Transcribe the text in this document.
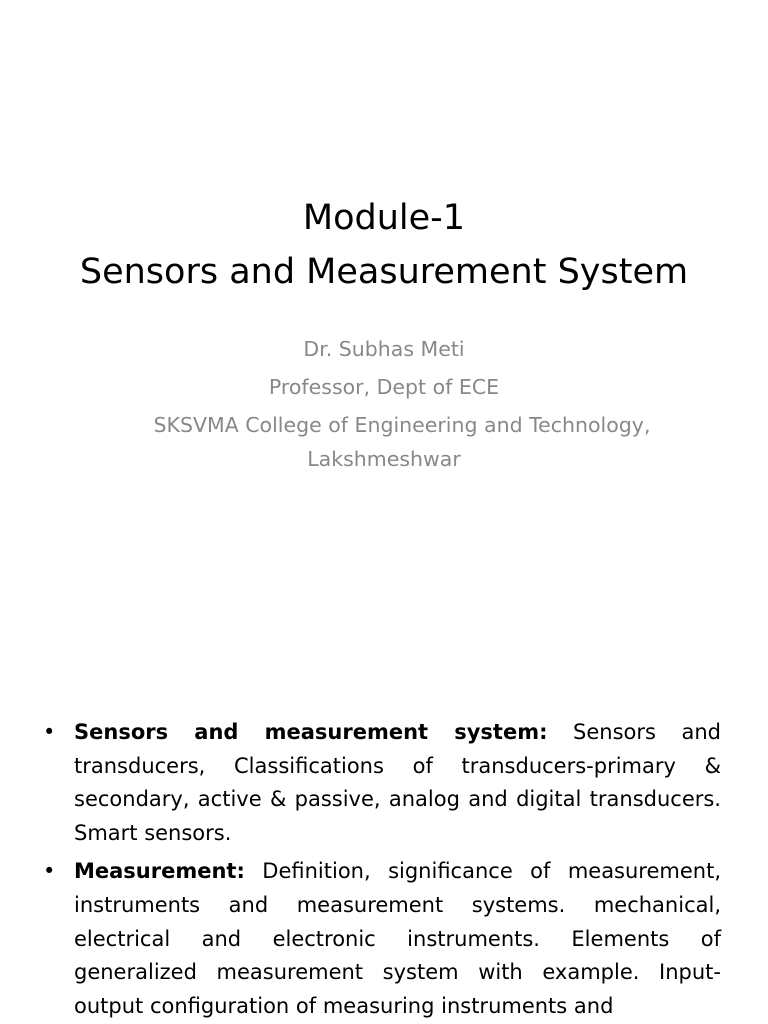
Module-1
Sensors and Measurement System
Dr. Subhas Meti
Professor, Dept of ECE
SKSVMA College of Engineering and Technology,
Lakshmeshwar
• Sensors and measurement system: Sensors and transducers, Classifications of transducers-primary & secondary, active & passive, analog and digital transducers. Smart sensors.
• Measurement: Definition, significance of measurement, instruments and measurement systems. mechanical, electrical and electronic instruments. Elements of generalized measurement system with example. Input-output configuration of measuring instruments and
